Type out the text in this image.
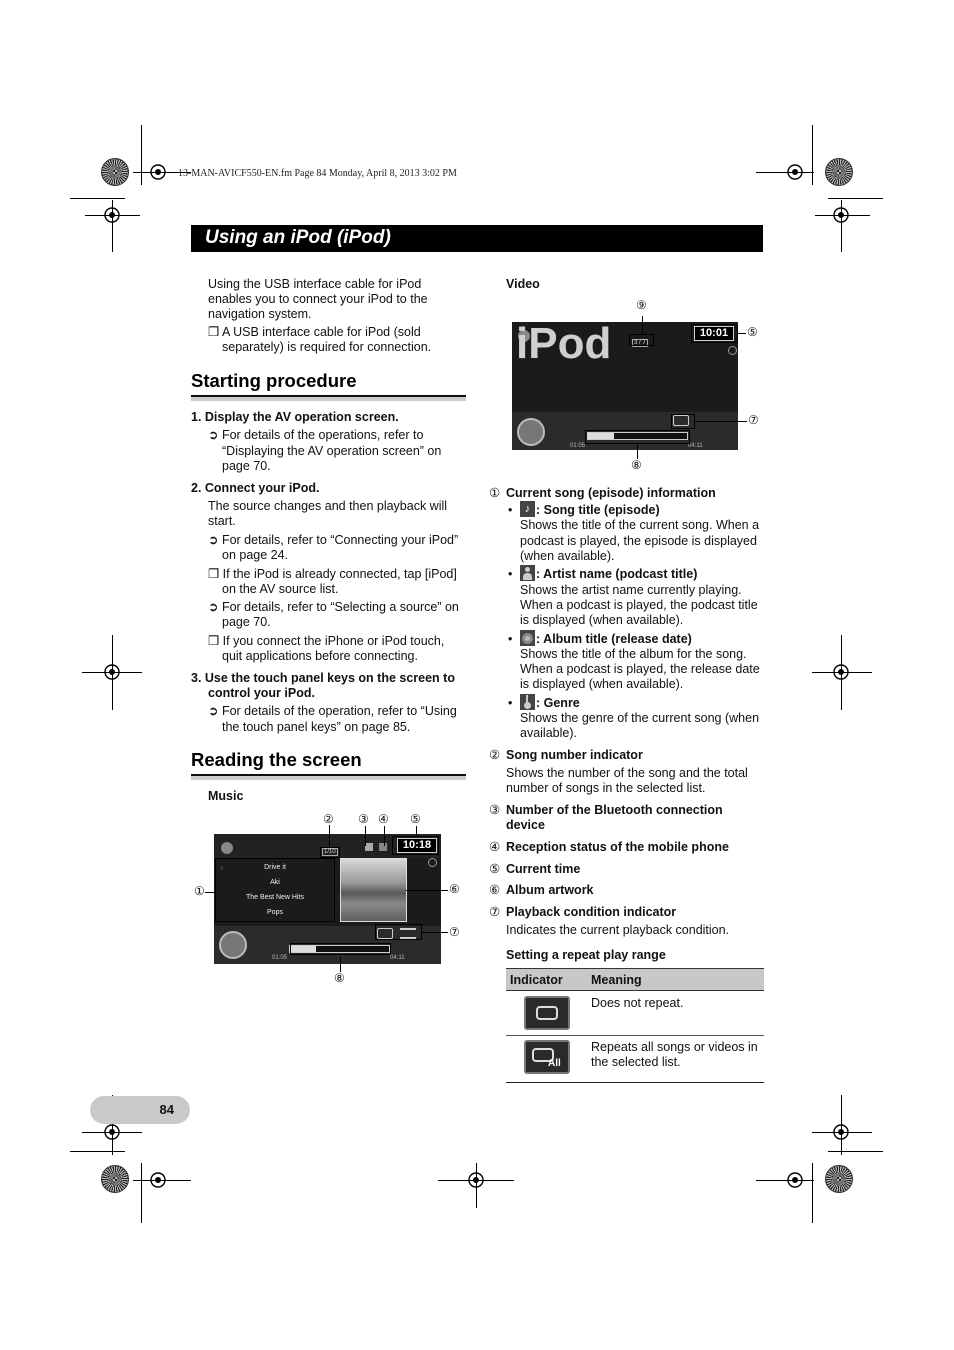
13-MAN-AVICF550-EN.fm Page 84 Monday, April 8, 2013 3:02 PM
Using an iPod (iPod)
Using the USB interface cable for iPod
enables you to connect your iPod to the
navigation system.
❒ A USB interface cable for iPod (sold
separately) is required for connection.
Starting procedure
1. Display the AV operation screen.
➲ For details of the operations, refer to
“Displaying the AV operation screen” on
page 70.
2. Connect your iPod.
The source changes and then playback will
start.
➲ For details, refer to “Connecting your iPod”
on page 24.
❒ If the iPod is already connected, tap [iPod]
on the AV source list.
➲ For details, refer to “Selecting a source” on
page 70.
❒ If you connect the iPhone or iPod touch,
quit applications before connecting.
3. Use the touch panel keys on the screen to
control your iPod.
➲ For details of the operation, refer to “Using
the touch panel keys” on page 85.
Reading the screen
Music
1/10
10:18
♪	Drive it
Aki
The Best New Hits
Pops
01:05	04:11
①
② ③ ④ ⑤
⑥
⑦
⑧
Video
iPod	3 / 7
10:01
01:05	04:11
⑨
⑤
⑦
⑧
① Current song (episode) information
•	♪ : Song title (episode)
Shows the title of the current song. When a
podcast is played, the episode is displayed
(when available).
• : Artist name (podcast title)
Shows the artist name currently playing.
When a podcast is played, the podcast title
is displayed (when available).
• : Album title (release date)
Shows the title of the album for the song.
When a podcast is played, the release date
is displayed (when available).
• : Genre
Shows the genre of the current song (when
available).
② Song number indicator
Shows the number of the song and the total
number of songs in the selected list.
③ Number of the Bluetooth connection
device
④ Reception status of the mobile phone
⑤ Current time
⑥ Album artwork
⑦ Playback condition indicator
Indicates the current playback condition.
Setting a repeat play range
Indicator Meaning
Does not repeat.
All
Repeats all songs or videos in
the selected list.
84
